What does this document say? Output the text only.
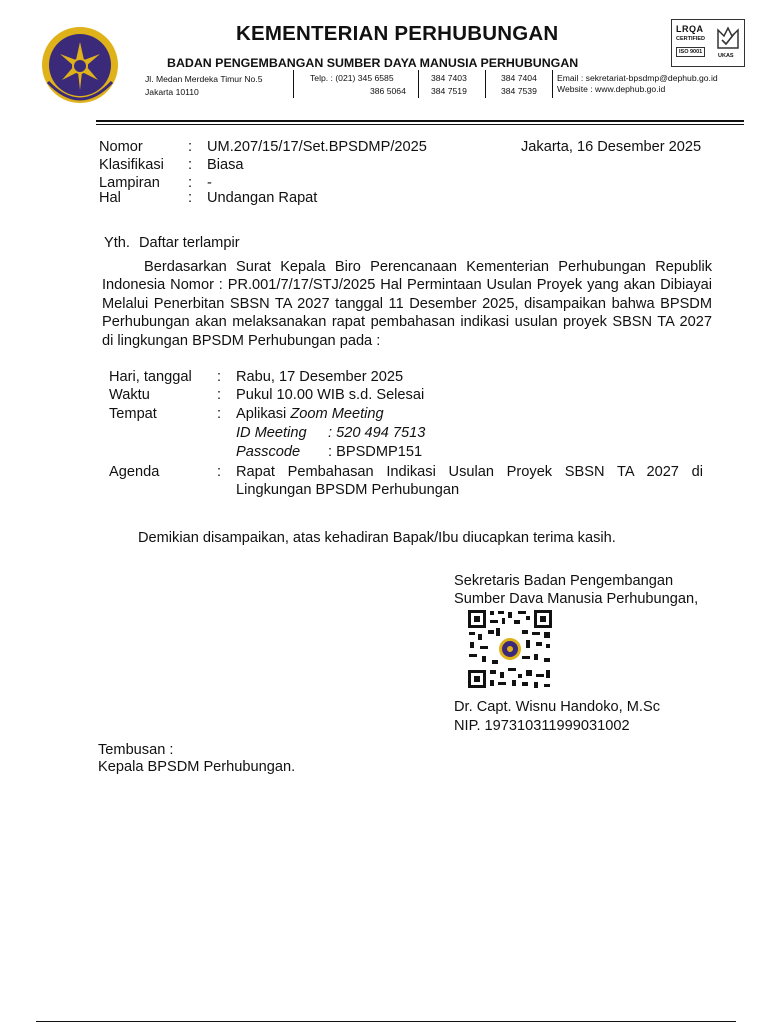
KEMENTERIAN PERHUBUNGAN
BADAN PENGEMBANGAN SUMBER DAYA MANUSIA PERHUBUNGAN
Jl. Medan Merdeka Timur No.5
Jakarta 10110
Telp. : (021) 345 6585
386 5064
384 7403
384 7519
384 7404
384 7539
Email : sekretariat-bpsdmp@dephub.go.id
Website : www.dephub.go.id
LRQA
CERTIFIED
ISO 9001
UKAS
Nomor	: UM.207/15/17/Set.BPSDMP/2025	Jakarta, 16 Desember 2025
Klasifikasi : Biasa
Lampiran : -
Hal	: Undangan Rapat
Yth. Daftar terlampir
Berdasarkan Surat Kepala Biro Perencanaan Kementerian Perhubungan Republik Indonesia Nomor : PR.001/7/17/STJ/2025 Hal Permintaan Usulan Proyek yang akan Dibiayai Melalui Penerbitan SBSN TA 2027 tanggal 11 Desember 2025, disampaikan bahwa BPSDM Perhubungan akan melaksanakan rapat pembahasan indikasi usulan proyek SBSN TA 2027 di lingkungan BPSDM Perhubungan pada :
Hari, tanggal : Rabu, 17 Desember 2025
Waktu	: Pukul 10.00 WIB s.d. Selesai
Tempat	: Aplikasi Zoom Meeting
ID Meeting : 520 494 7513
Passcode : BPSDMP151
Agenda	: Rapat Pembahasan Indikasi Usulan Proyek SBSN TA 2027 di Lingkungan BPSDM Perhubungan
Demikian disampaikan, atas kehadiran Bapak/Ibu diucapkan terima kasih.
Sekretaris Badan Pengembangan
Sumber Dava Manusia Perhubungan,
Dr. Capt. Wisnu Handoko, M.Sc
NIP. 197310311999031002
Tembusan :
Kepala BPSDM Perhubungan.
